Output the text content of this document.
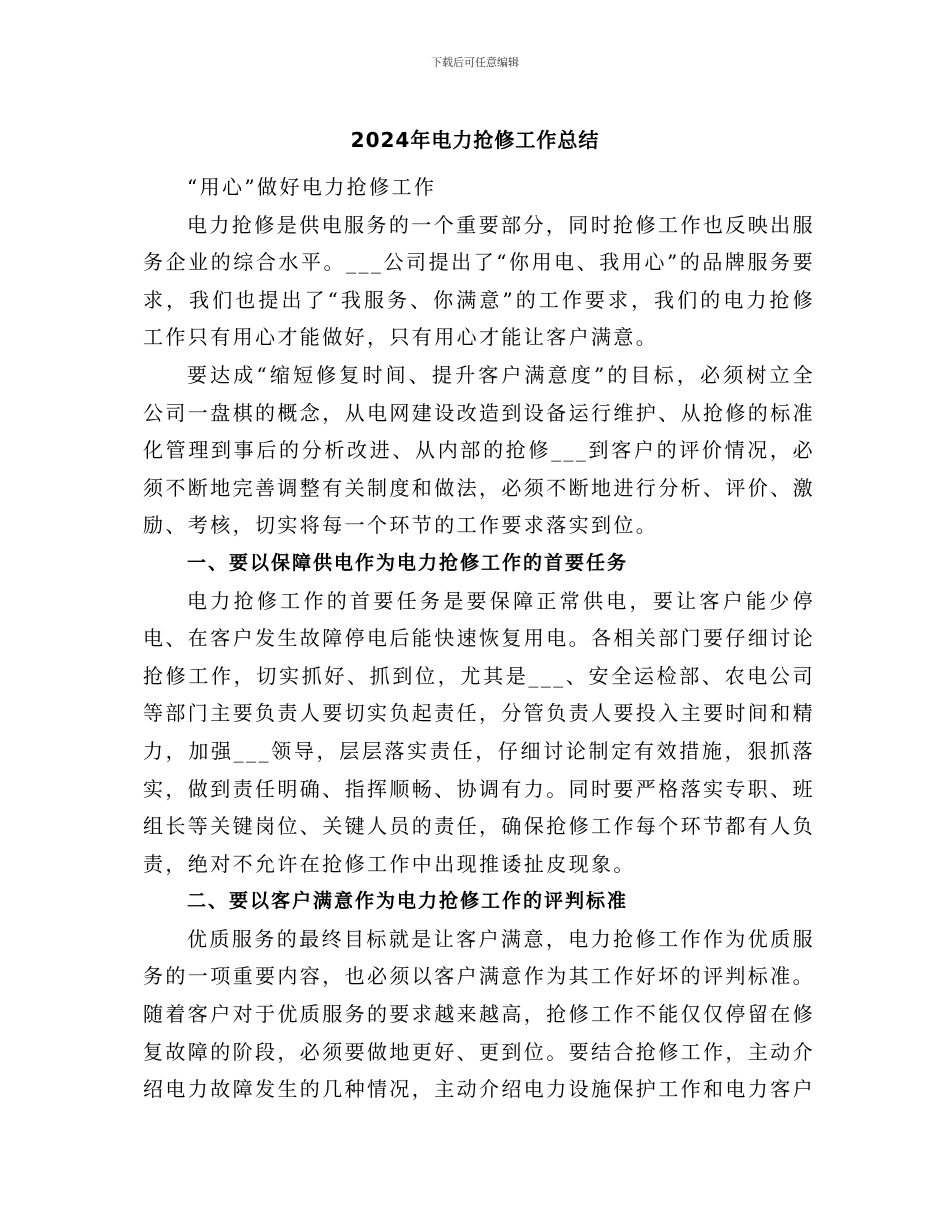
下载后可任意编辑
2024年电力抢修工作总结

“用心”做好电力抢修工作

电力抢修是供电服务的一个重要部分，同时抢修工作也反映出服务企业的综合水平。___公司提出了“你用电、我用心”的品牌服务要求，我们也提出了“我服务、你满意”的工作要求，我们的电力抢修工作只有用心才能做好，只有用心才能让客户满意。

要达成“缩短修复时间、提升客户满意度”的目标，必须树立全公司一盘棋的概念，从电网建设改造到设备运行维护、从抢修的标准化管理到事后的分析改进、从内部的抢修___到客户的评价情况，必须不断地完善调整有关制度和做法，必须不断地进行分析、评价、激励、考核，切实将每一个环节的工作要求落实到位。

一、要以保障供电作为电力抢修工作的首要任务

电力抢修工作的首要任务是要保障正常供电，要让客户能少停电、在客户发生故障停电后能快速恢复用电。各相关部门要仔细讨论抢修工作，切实抓好、抓到位，尤其是___、安全运检部、农电公司等部门主要负责人要切实负起责任，分管负责人要投入主要时间和精力，加强___领导，层层落实责任，仔细讨论制定有效措施，狠抓落实，做到责任明确、指挥顺畅、协调有力。同时要严格落实专职、班组长等关键岗位、关键人员的责任，确保抢修工作每个环节都有人负责，绝对不允许在抢修工作中出现推诿扯皮现象。

二、要以客户满意作为电力抢修工作的评判标准

优质服务的最终目标就是让客户满意，电力抢修工作作为优质服务的一项重要内容，也必须以客户满意作为其工作好坏的评判标准。随着客户对于优质服务的要求越来越高，抢修工作不能仅仅停留在修复故障的阶段，必须要做地更好、更到位。要结合抢修工作，主动介绍电力故障发生的几种情况，主动介绍电力设施保护工作和电力客户
